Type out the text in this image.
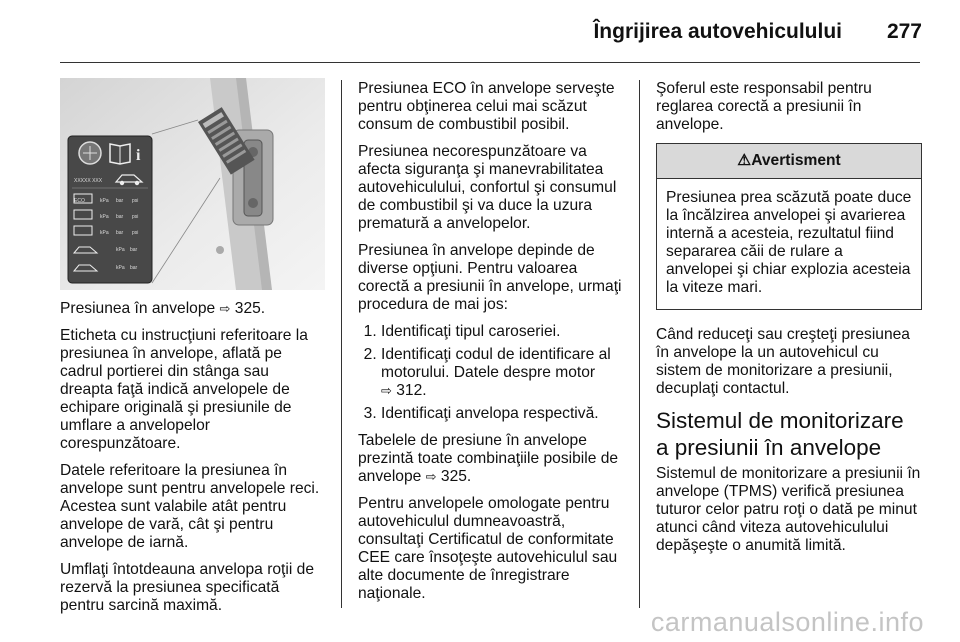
Îngrijirea autovehiculului 277
i
XXXXX XXX
ECO	kPa bar psi
kPa bar psi
kPa bar psi
kPa bar
kPa bar

Presiunea în anvelope ⇨ 325.

Eticheta cu instrucţiuni referitoare la presiunea în anvelope, aflată pe cadrul portierei din stânga sau dreapta faţă indică anvelopele de echipare originală şi presiunile de umflare a anvelopelor corespunzătoare.

Datele referitoare la presiunea în anvelope sunt pentru anvelopele reci. Acestea sunt valabile atât pentru anvelope de vară, cât şi pentru anvelope de iarnă.

Umflaţi întotdeauna anvelopa roţii de rezervă la presiunea specificată pentru sarcină maximă.

Presiunea ECO în anvelope serveşte pentru obţinerea celui mai scăzut consum de combustibil posibil.

Presiunea necorespunzătoare va afecta siguranţa şi manevrabilitatea autovehiculului, confortul şi consumul de combustibil şi va duce la uzura prematură a anvelopelor.

Presiunea în anvelope depinde de diverse opţiuni. Pentru valoarea corectă a presiunii în anvelope, urmaţi procedura de mai jos:

1. Identificaţi tipul caroseriei.
2. Identificaţi codul de identificare al motorului. Datele despre motor
⇨ 312.
3. Identificaţi anvelopa respectivă.

Tabelele de presiune în anvelope prezintă toate combinaţiile posibile de anvelope ⇨ 325.

Pentru anvelopele omologate pentru autovehiculul dumneavoastră, consultaţi Certificatul de conformitate CEE care însoţeşte autovehiculul sau alte documente de înregistrare naţionale.

Şoferul este responsabil pentru reglarea corectă a presiunii în anvelope.

⚠Avertisment
Presiunea prea scăzută poate duce la încălzirea anvelopei şi avarierea internă a acesteia, rezultatul fiind separarea căii de rulare a anvelopei şi chiar explozia acesteia la viteze mari.

Când reduceţi sau creşteţi presiunea în anvelope la un autovehicul cu sistem de monitorizare a presiunii, decuplaţi contactul.

Sistemul de monitorizare a presiunii în anvelope

Sistemul de monitorizare a presiunii în anvelope (TPMS) verifică presiunea tuturor celor patru roţi o dată pe minut atunci când viteza autovehiculului depăşeşte o anumită limită.

carmanualsonline.info
